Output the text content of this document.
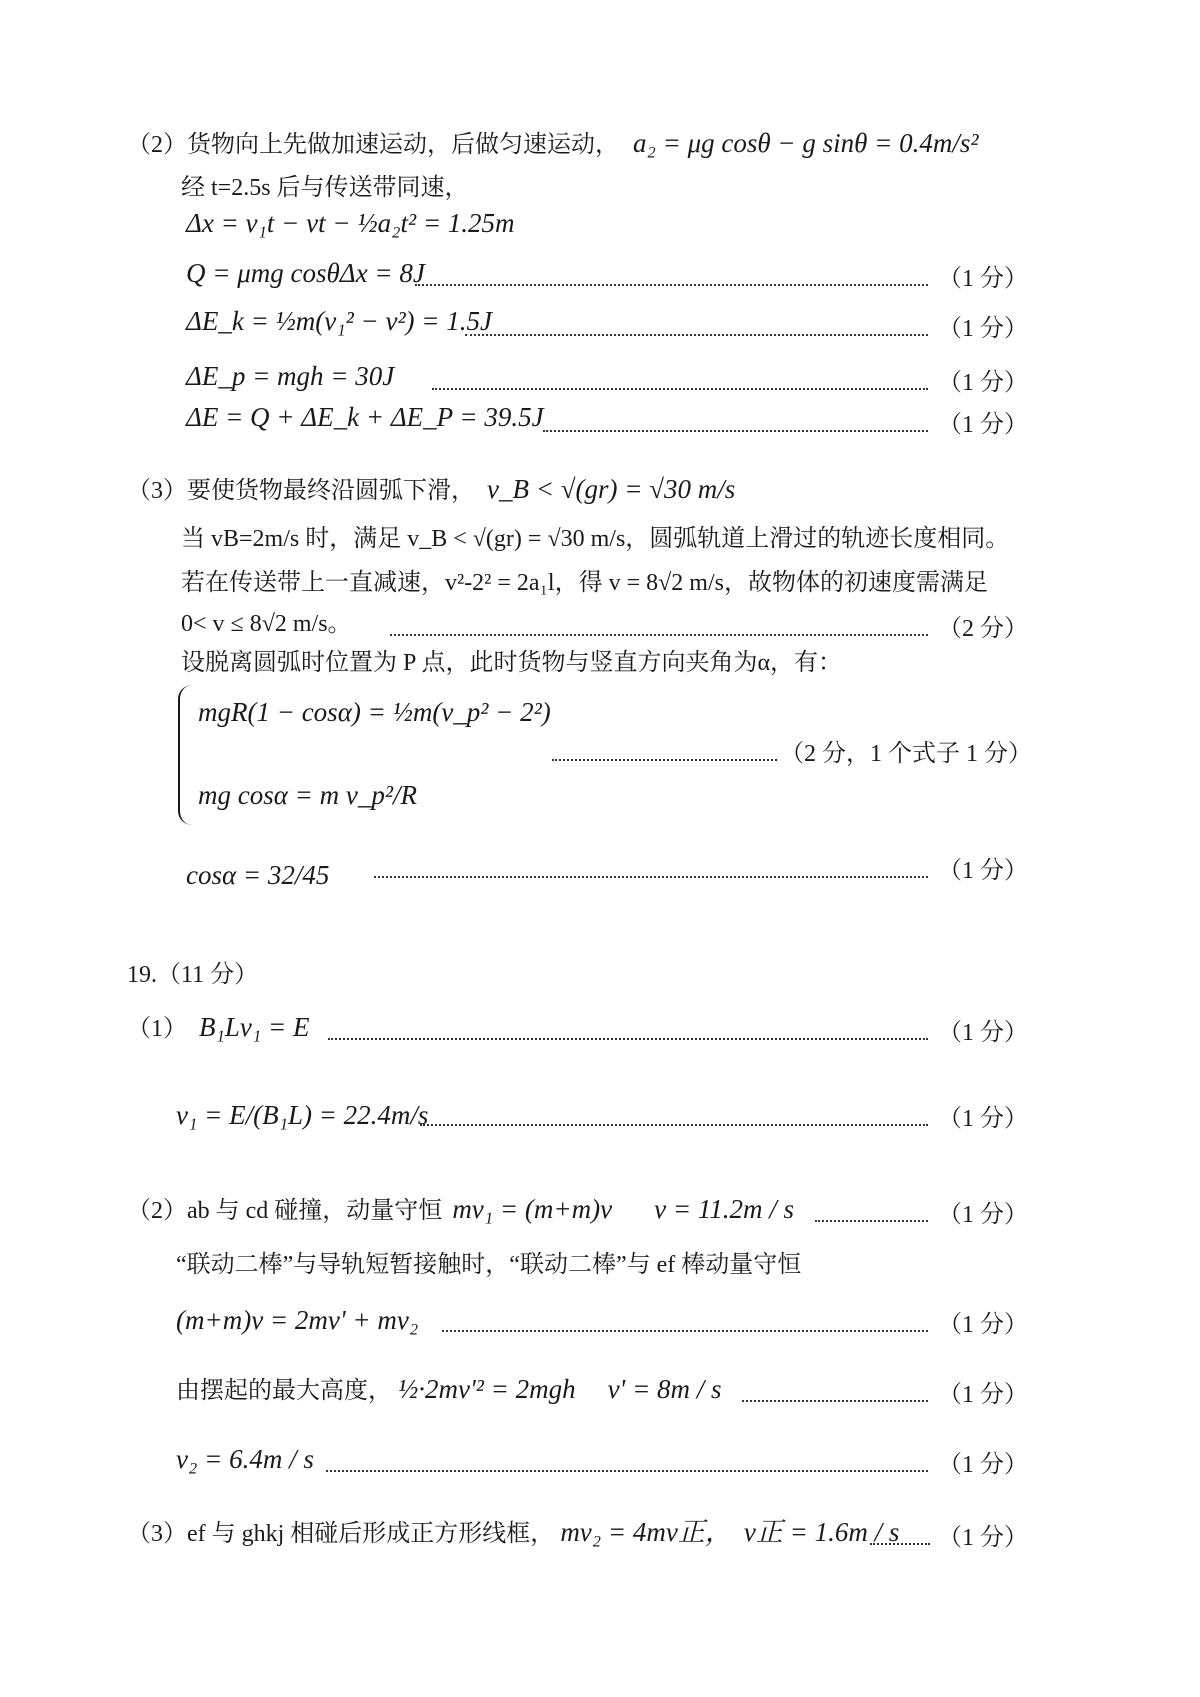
（2）货物向上先做加速运动，后做匀速运动， a₂ = μg cosθ − g sinθ = 0.4m/s²
经 t=2.5s 后与传送带同速，
Δx = v₁t − vt − ½a₂t² = 1.25m
Q = μmg cosθΔx = 8J	（1 分）
ΔE_k = ½m(v₁² − v²) = 1.5J	（1 分）
ΔE_p = mgh = 30J	（1 分）
ΔE = Q + ΔE_k + ΔE_P = 39.5J	（1 分）
（3）要使货物最终沿圆弧下滑， v_B < √(gr) = √30 m/s
当 vB=2m/s 时，满足 v_B < √(gr) = √30 m/s，圆弧轨道上滑过的轨迹长度相同。
若在传送带上一直减速，v²-2² = 2a₁l，得 v = 8√2 m/s，故物体的初速度需满足
0< v ≤ 8√2 m/s。	（2 分）
设脱离圆弧时位置为 P 点，此时货物与竖直方向夹角为α，有：
mgR(1 − cosα) = ½m(v_p² − 2²)
mg cosα = m v_p²/R
（2 分，1 个式子 1 分）
cosα = 32/45	（1 分）
19.（11 分）
（1） B₁Lv₁ = E	（1 分）
v₁ = E/(B₁L) = 22.4m/s	（1 分）
（2）ab 与 cd 碰撞，动量守恒 mv₁ = (m+m)v v = 11.2m / s	（1 分）
“联动二棒”与导轨短暂接触时，“联动二棒”与 ef 棒动量守恒
(m+m)v = 2mv' + mv₂	（1 分）
由摆起的最大高度， ½·2mv'² = 2mgh v' = 8m / s	（1 分）
v₂ = 6.4m / s	（1 分）
（3）ef 与 ghkj 相碰后形成正方形线框， mv₂ = 4mv正， v正 = 1.6m / s （1 分）
